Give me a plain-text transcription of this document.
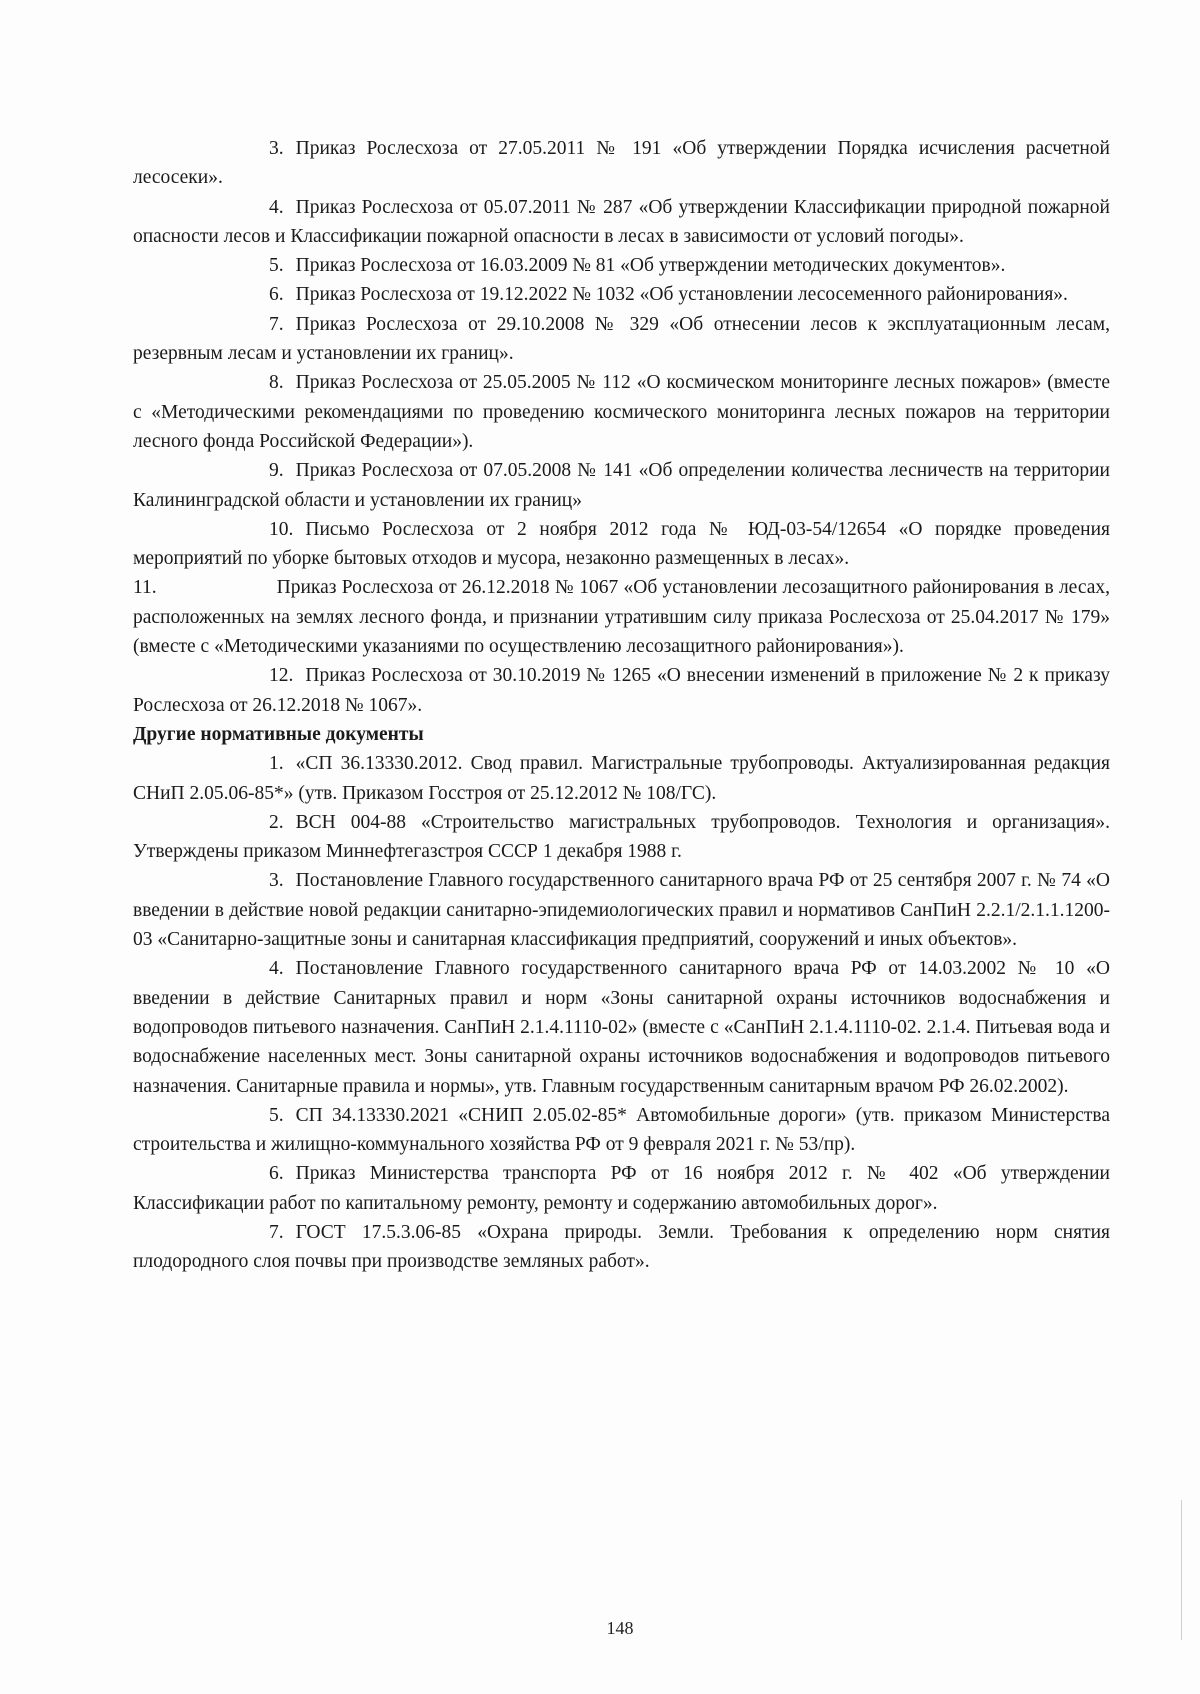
3. Приказ Рослесхоза от 27.05.2011 № 191 «Об утверждении Порядка исчисления расчетной лесосеки».

4. Приказ Рослесхоза от 05.07.2011 № 287 «Об утверждении Классификации природной пожарной опасности лесов и Классификации пожарной опасности в лесах в зависимости от условий погоды».

5. Приказ Рослесхоза от 16.03.2009 № 81 «Об утверждении методических документов».

6. Приказ Рослесхоза от 19.12.2022 № 1032 «Об установлении лесосеменного районирования».

7. Приказ Рослесхоза от 29.10.2008 № 329 «Об отнесении лесов к эксплуатационным лесам, резервным лесам и установлении их границ».

8. Приказ Рослесхоза от 25.05.2005 № 112 «О космическом мониторинге лесных пожаров» (вместе с «Методическими рекомендациями по проведению космического мониторинга лесных пожаров на территории лесного фонда Российской Федерации»).

9. Приказ Рослесхоза от 07.05.2008 № 141 «Об определении количества лесничеств на территории Калининградской области и установлении их границ»

10. Письмо Рослесхоза от 2 ноября 2012 года № ЮД-03-54/12654 «О порядке проведения мероприятий по уборке бытовых отходов и мусора, незаконно размещенных в лесах».

11.	Приказ Рослесхоза от 26.12.2018 № 1067 «Об установлении лесозащитного районирования в лесах, расположенных на землях лесного фонда, и признании утратившим силу приказа Рослесхоза от 25.04.2017 № 179» (вместе с «Методическими указаниями по осуществлению лесозащитного районирования»).

12. Приказ Рослесхоза от 30.10.2019 № 1265 «О внесении изменений в приложение № 2 к приказу Рослесхоза от 26.12.2018 № 1067».

Другие нормативные документы

1. «СП 36.13330.2012. Свод правил. Магистральные трубопроводы. Актуализированная редакция СНиП 2.05.06-85*» (утв. Приказом Госстроя от 25.12.2012 № 108/ГС).

2. ВСН 004-88 «Строительство магистральных трубопроводов. Технология и организация». Утверждены приказом Миннефтегазстроя СССР 1 декабря 1988 г.

3. Постановление Главного государственного санитарного врача РФ от 25 сентября 2007 г. № 74 «О введении в действие новой редакции санитарно-эпидемиологических правил и нормативов СанПиН 2.2.1/2.1.1.1200-03 «Санитарно-защитные зоны и санитарная классификация предприятий, сооружений и иных объектов».

4. Постановление Главного государственного санитарного врача РФ от 14.03.2002 № 10 «О введении в действие Санитарных правил и норм «Зоны санитарной охраны источников водоснабжения и водопроводов питьевого назначения. СанПиН 2.1.4.1110-02» (вместе с «СанПиН 2.1.4.1110-02. 2.1.4. Питьевая вода и водоснабжение населенных мест. Зоны санитарной охраны источников водоснабжения и водопроводов питьевого назначения. Санитарные правила и нормы», утв. Главным государственным санитарным врачом РФ 26.02.2002).

5. СП 34.13330.2021 «СНИП 2.05.02-85* Автомобильные дороги» (утв. приказом Министерства строительства и жилищно-коммунального хозяйства РФ от 9 февраля 2021 г. № 53/пр).

6. Приказ Министерства транспорта РФ от 16 ноября 2012 г. № 402 «Об утверждении Классификации работ по капитальному ремонту, ремонту и содержанию автомобильных дорог».

7. ГОСТ 17.5.3.06-85 «Охрана природы. Земли. Требования к определению норм снятия плодородного слоя почвы при производстве земляных работ».

148
